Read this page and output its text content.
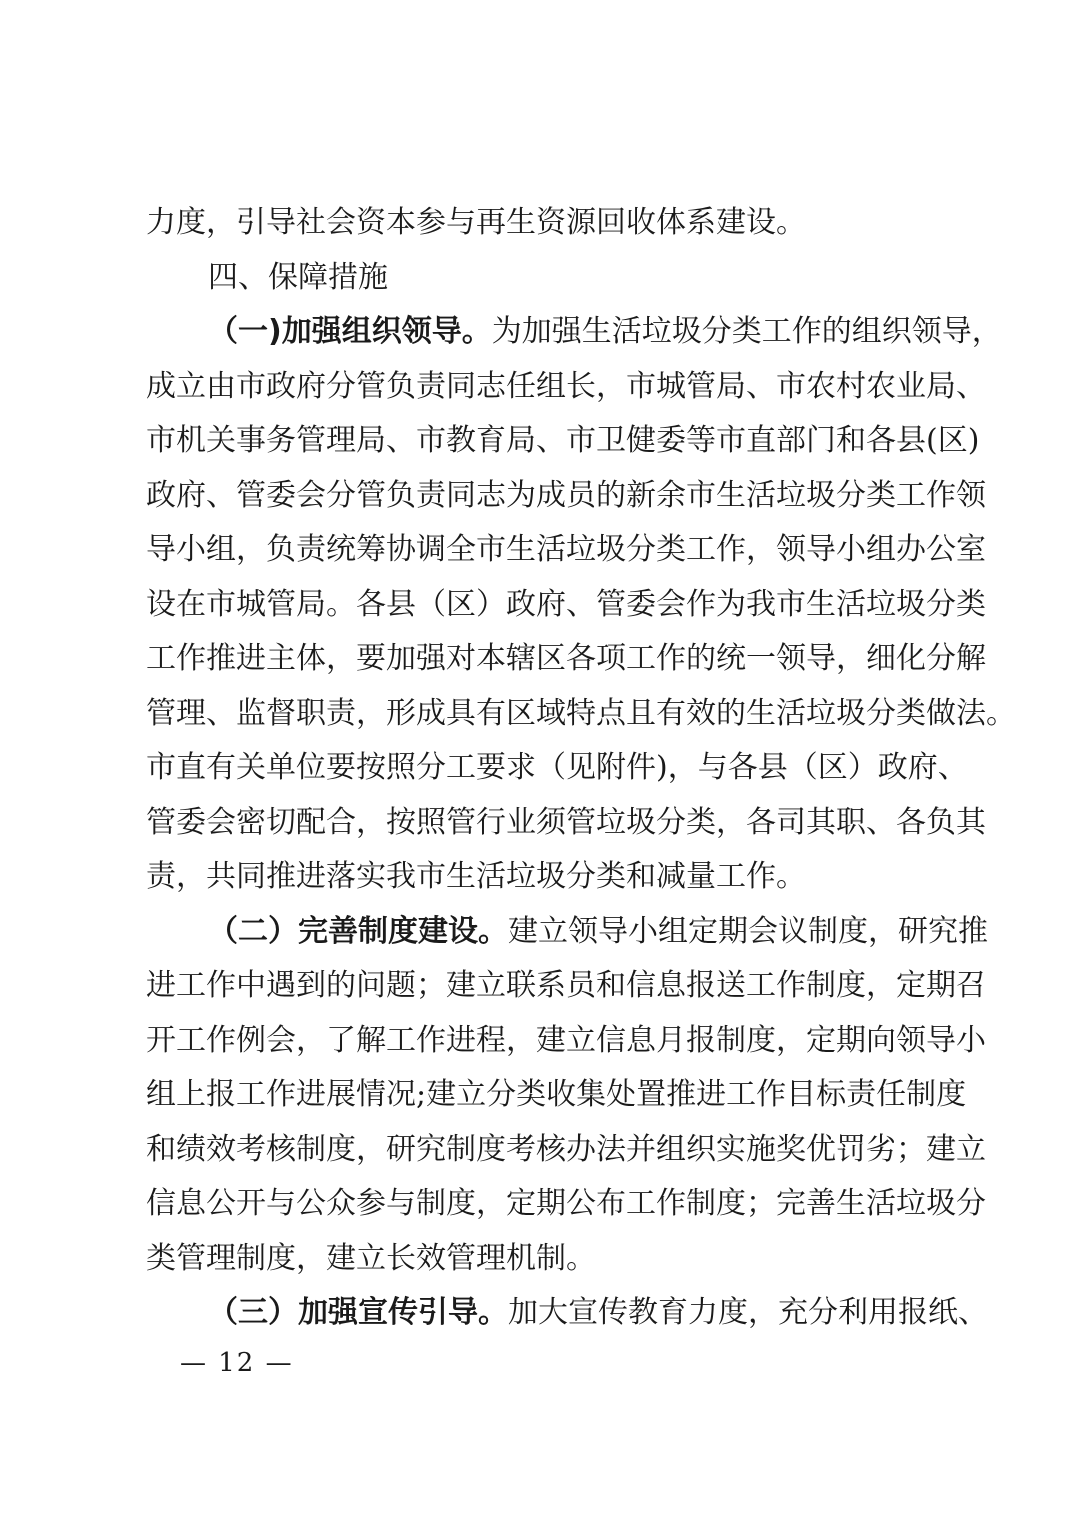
力度，引导社会资本参与再生资源回收体系建设。
四、保障措施
（一)加强组织领导。为加强生活垃圾分类工作的组织领导，
成立由市政府分管负责同志任组长，市城管局、市农村农业局、
市机关事务管理局、市教育局、市卫健委等市直部门和各县(区)
政府、管委会分管负责同志为成员的新余市生活垃圾分类工作领
导小组，负责统筹协调全市生活垃圾分类工作，领导小组办公室
设在市城管局。各县（区）政府、管委会作为我市生活垃圾分类
工作推进主体，要加强对本辖区各项工作的统一领导，细化分解
管理、监督职责，形成具有区域特点且有效的生活垃圾分类做法。
市直有关单位要按照分工要求（见附件)，与各县（区）政府、
管委会密切配合，按照管行业须管垃圾分类，各司其职、各负其
责，共同推进落实我市生活垃圾分类和减量工作。
（二）完善制度建设。建立领导小组定期会议制度，研究推
进工作中遇到的问题；建立联系员和信息报送工作制度，定期召
开工作例会，了解工作进程，建立信息月报制度，定期向领导小
组上报工作进展情况;建立分类收集处置推进工作目标责任制度
和绩效考核制度，研究制度考核办法并组织实施奖优罚劣；建立
信息公开与公众参与制度，定期公布工作制度；完善生活垃圾分
类管理制度，建立长效管理机制。
（三）加强宣传引导。加大宣传教育力度，充分利用报纸、
— 12 —
